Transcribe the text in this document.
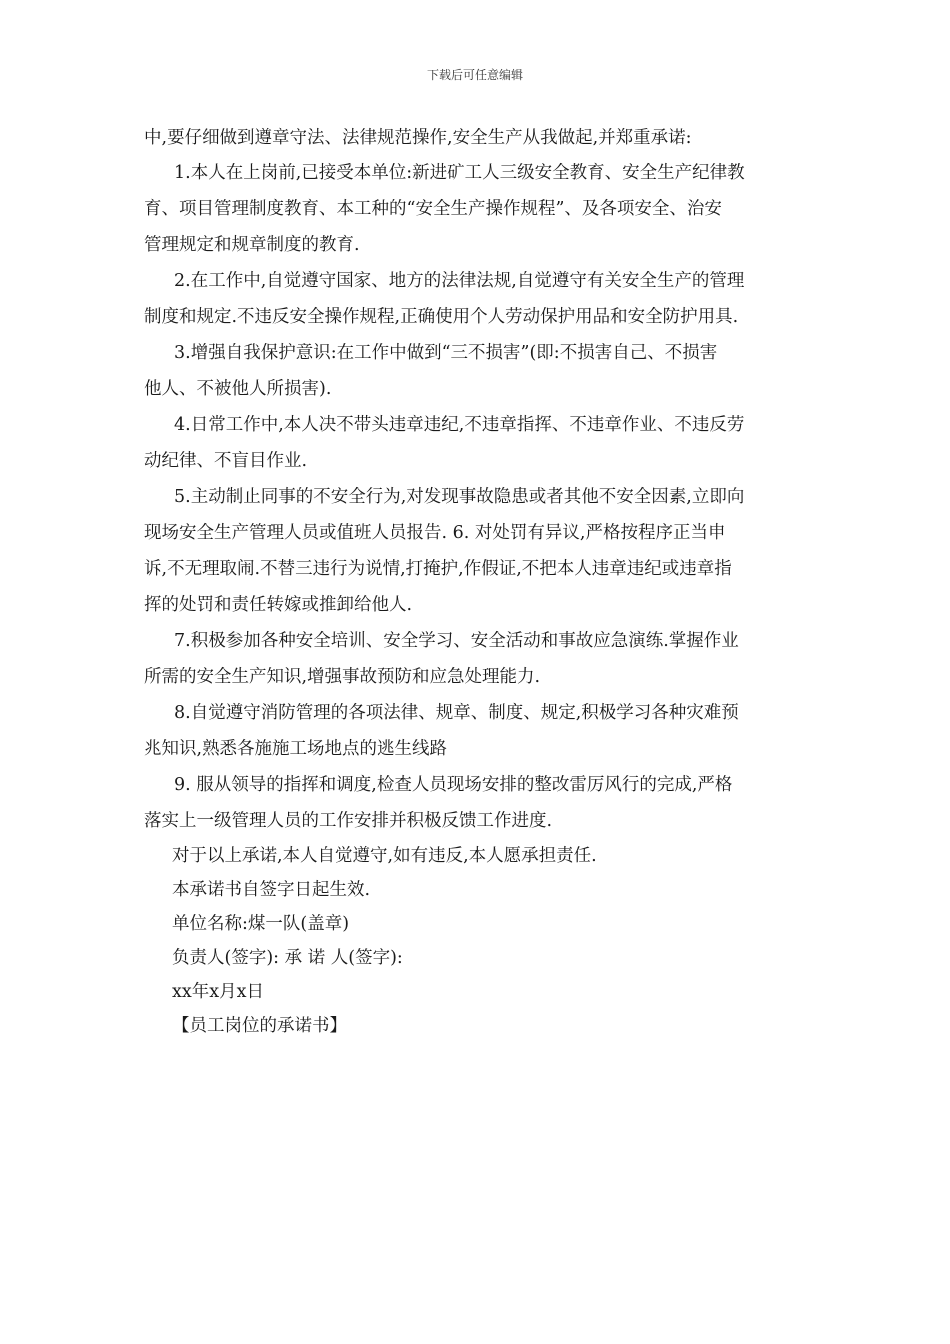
下载后可任意编辑
中,要仔细做到遵章守法、法律规范操作,安全生产从我做起,并郑重承诺:
1.本人在上岗前,已接受本单位:新进矿工人三级安全教育、安全生产纪律教
育、项目管理制度教育、本工种的“安全生产操作规程”、及各项安全、治安
管理规定和规章制度的教育.
2.在工作中,自觉遵守国家、地方的法律法规,自觉遵守有关安全生产的管理
制度和规定.不违反安全操作规程,正确使用个人劳动保护用品和安全防护用具.
3.增强自我保护意识:在工作中做到“三不损害”(即:不损害自己、不损害
他人、不被他人所损害).
4.日常工作中,本人决不带头违章违纪,不违章指挥、不违章作业、不违反劳
动纪律、不盲目作业.
5.主动制止同事的不安全行为,对发现事故隐患或者其他不安全因素,立即向
现场安全生产管理人员或值班人员报告. 6. 对处罚有异议,严格按程序正当申
诉,不无理取闹.不替三违行为说情,打掩护,作假证,不把本人违章违纪或违章指
挥的处罚和责任转嫁或推卸给他人.
7.积极参加各种安全培训、安全学习、安全活动和事故应急演练.掌握作业
所需的安全生产知识,增强事故预防和应急处理能力.
8.自觉遵守消防管理的各项法律、规章、制度、规定,积极学习各种灾难预
兆知识,熟悉各施施工场地点的逃生线路
9. 服从领导的指挥和调度,检查人员现场安排的整改雷厉风行的完成,严格
落实上一级管理人员的工作安排并积极反馈工作进度.
对于以上承诺,本人自觉遵守,如有违反,本人愿承担责任.
本承诺书自签字日起生效.
单位名称:煤一队(盖章)
负责人(签字): 承 诺 人(签字):
xx年x月x日
【员工岗位的承诺书】
